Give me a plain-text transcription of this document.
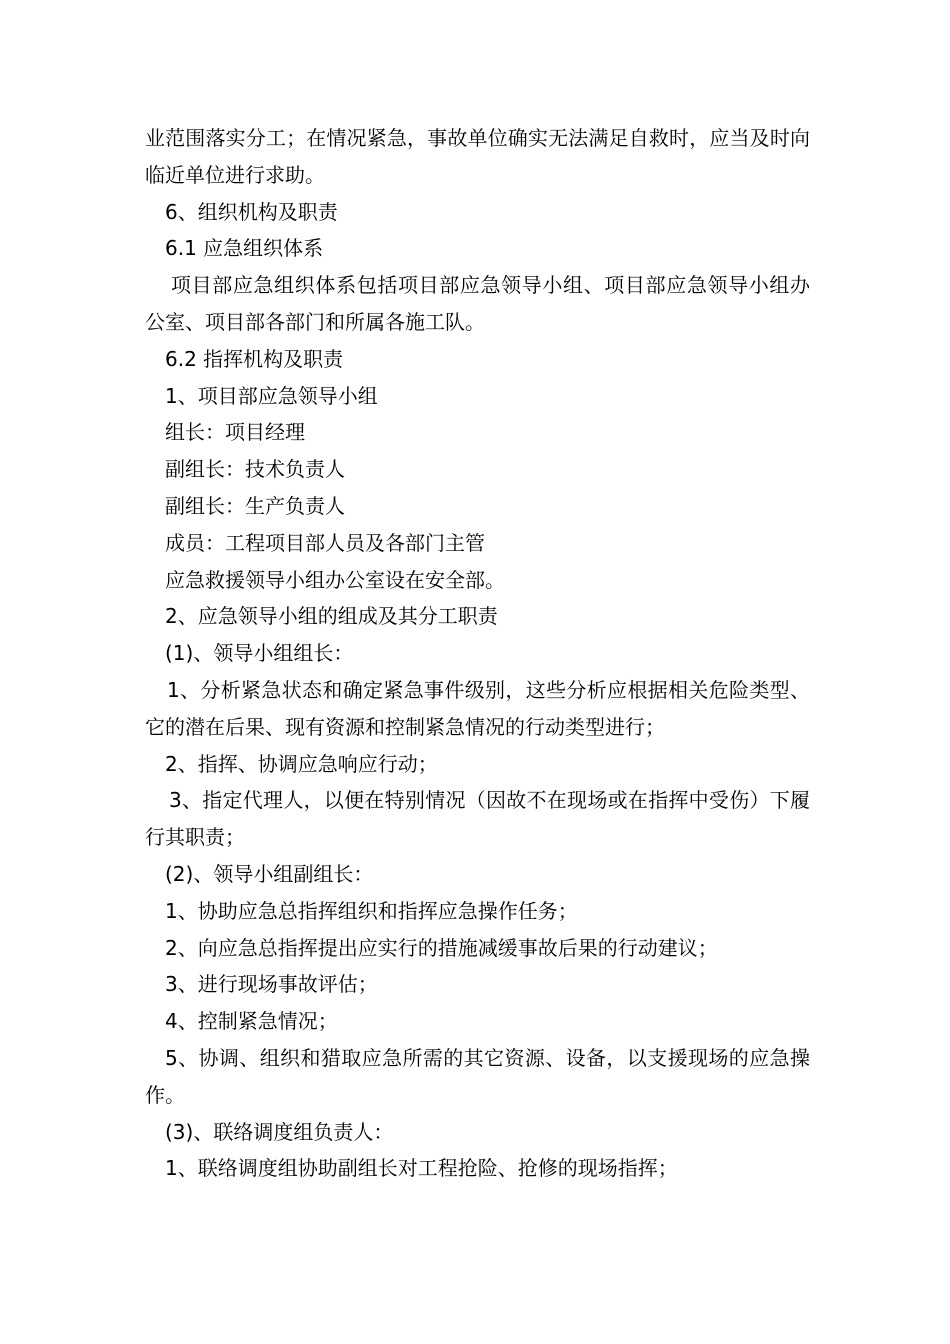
业范围落实分工；在情况紧急，事故单位确实无法满足自救时，应当及时向临近单位进行求助。

6、组织机构及职责

6.1 应急组织体系

项目部应急组织体系包括项目部应急领导小组、项目部应急领导小组办公室、项目部各部门和所属各施工队。

6.2 指挥机构及职责

1、项目部应急领导小组

组长：项目经理

副组长：技术负责人

副组长：生产负责人

成员：工程项目部人员及各部门主管

应急救援领导小组办公室设在安全部。

2、应急领导小组的组成及其分工职责

(1)、领导小组组长：

1、分析紧急状态和确定紧急事件级别，这些分析应根据相关危险类型、它的潜在后果、现有资源和控制紧急情况的行动类型进行；

2、指挥、协调应急响应行动；

3、指定代理人，以便在特别情况（因故不在现场或在指挥中受伤）下履行其职责；

(2)、领导小组副组长：

1、协助应急总指挥组织和指挥应急操作任务；

2、向应急总指挥提出应实行的措施减缓事故后果的行动建议；

3、进行现场事故评估；

4、控制紧急情况；

5、协调、组织和猎取应急所需的其它资源、设备，以支援现场的应急操作。

(3)、联络调度组负责人：

1、联络调度组协助副组长对工程抢险、抢修的现场指挥；
